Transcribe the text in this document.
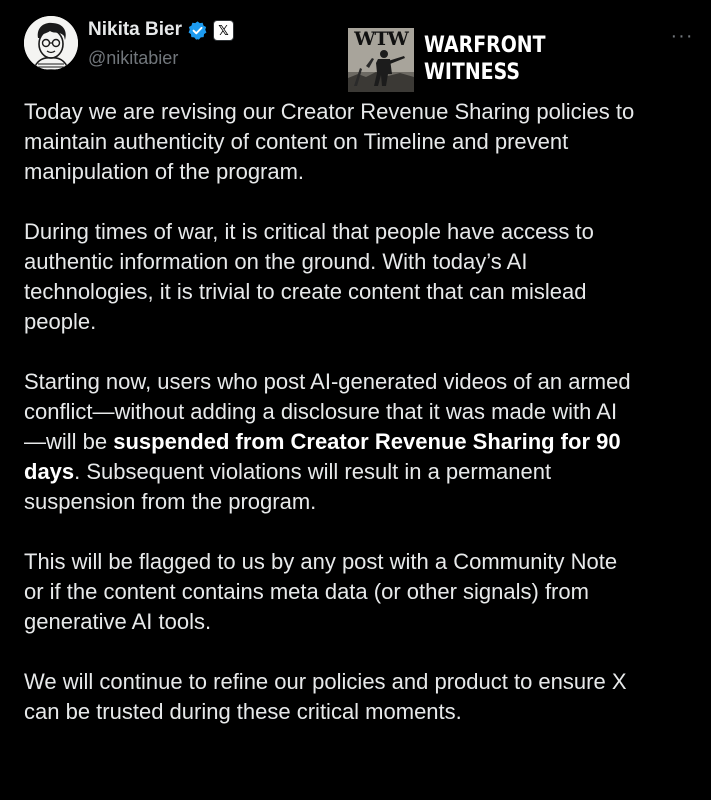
Nikita Bier	𝕏
@nikitabier
···
WTW WARFRONT
WITNESS

Today we are revising our Creator Revenue Sharing policies to
maintain authenticity of content on Timeline and prevent
manipulation of the program.

During times of war, it is critical that people have access to
authentic information on the ground. With today’s AI
technologies, it is trivial to create content that can mislead
people.

Starting now, users who post AI-generated videos of an armed
conflict—without adding a disclosure that it was made with AI
—will be suspended from Creator Revenue Sharing for 90
days. Subsequent violations will result in a permanent
suspension from the program.

This will be flagged to us by any post with a Community Note
or if the content contains meta data (or other signals) from
generative AI tools.

We will continue to refine our policies and product to ensure X
can be trusted during these critical moments.
